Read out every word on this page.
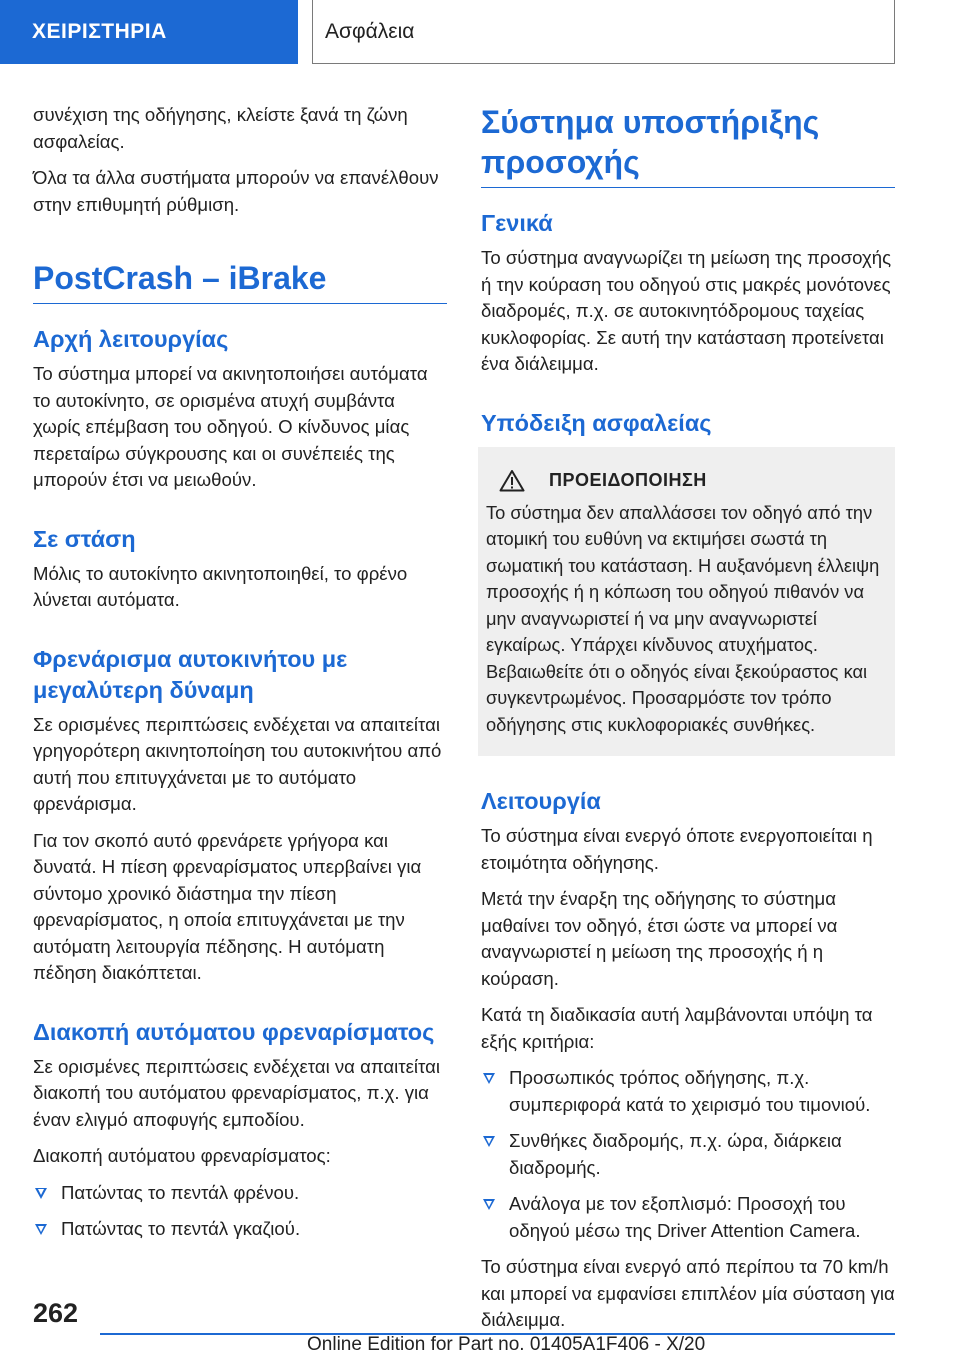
ΧΕΙΡΙΣΤΗΡΙΑ	Ασφάλεια

συνέχιση της οδήγησης, κλείστε ξανά τη ζώνη ασφαλείας.

Όλα τα άλλα συστήματα μπορούν να επανέλθουν στην επιθυμητή ρύθμιση.

PostCrash – iBrake
Αρχή λειτουργίας

Το σύστημα μπορεί να ακινητοποιήσει αυτόματα το αυτοκίνητο, σε ορισμένα ατυχή συμβάντα χωρίς επέμβαση του οδηγού. Ο κίνδυνος μίας περεταίρω σύγκρουσης και οι συνέπειές της μπορούν έτσι να μειωθούν.

Σε στάση

Μόλις το αυτοκίνητο ακινητοποιηθεί, το φρένο λύνεται αυτόματα.

Φρενάρισμα αυτοκινήτου με μεγαλύτερη δύναμη

Σε ορισμένες περιπτώσεις ενδέχεται να απαιτείται γρηγορότερη ακινητοποίηση του αυτοκινήτου από αυτή που επιτυγχάνεται με το αυτόματο φρενάρισμα.

Για τον σκοπό αυτό φρενάρετε γρήγορα και δυνατά. Η πίεση φρεναρίσματος υπερβαίνει για σύντομο χρονικό διάστημα την πίεση φρεναρίσματος, η οποία επιτυγχάνεται με την αυτόματη λειτουργία πέδησης. Η αυτόματη πέδηση διακόπτεται.

Διακοπή αυτόματου φρεναρίσματος

Σε ορισμένες περιπτώσεις ενδέχεται να απαιτείται διακοπή του αυτόματου φρεναρίσματος, π.χ. για έναν ελιγμό αποφυγής εμποδίου.

Διακοπή αυτόματου φρεναρίσματος:

Πατώντας το πεντάλ φρένου.
Πατώντας το πεντάλ γκαζιού.
Σύστημα υποστήριξης προσοχής
Γενικά

Το σύστημα αναγνωρίζει τη μείωση της προσοχής ή την κούραση του οδηγού στις μακρές μονότονες διαδρομές, π.χ. σε αυτοκινητόδρομους ταχείας κυκλοφορίας. Σε αυτή την κατάσταση προτείνεται ένα διάλειμμα.

Υπόδειξη ασφαλείας
ΠΡΟΕΙΔΟΠΟΙΗΣΗ

Το σύστημα δεν απαλλάσσει τον οδηγό από την ατομική του ευθύνη να εκτιμήσει σωστά τη σωματική του κατάσταση. Η αυξανόμενη έλλειψη προσοχής ή η κόπωση του οδηγού πιθανόν να μην αναγνωριστεί ή να μην αναγνωριστεί εγκαίρως. Υπάρχει κίνδυνος ατυχήματος. Βεβαιωθείτε ότι ο οδηγός είναι ξεκούραστος και συγκεντρωμένος. Προσαρμόστε τον τρόπο οδήγησης στις κυκλοφοριακές συνθήκες.

Λειτουργία

Το σύστημα είναι ενεργό όποτε ενεργοποιείται η ετοιμότητα οδήγησης.

Μετά την έναρξη της οδήγησης το σύστημα μαθαίνει τον οδηγό, έτσι ώστε να μπορεί να αναγνωριστεί η μείωση της προσοχής ή η κούραση.

Κατά τη διαδικασία αυτή λαμβάνονται υπόψη τα εξής κριτήρια:

Προσωπικός τρόπος οδήγησης, π.χ. συμπεριφορά κατά το χειρισμό του τιμονιού.
Συνθήκες διαδρομής, π.χ. ώρα, διάρκεια διαδρομής.
Ανάλογα με τον εξοπλισμό: Προσοχή του οδηγού μέσω της Driver Attention Camera.

Το σύστημα είναι ενεργό από περίπου τα 70 km/h και μπορεί να εμφανίσει επιπλέον μία σύσταση για διάλειμμα.

262
Online Edition for Part no. 01405A1F406 - X/20
